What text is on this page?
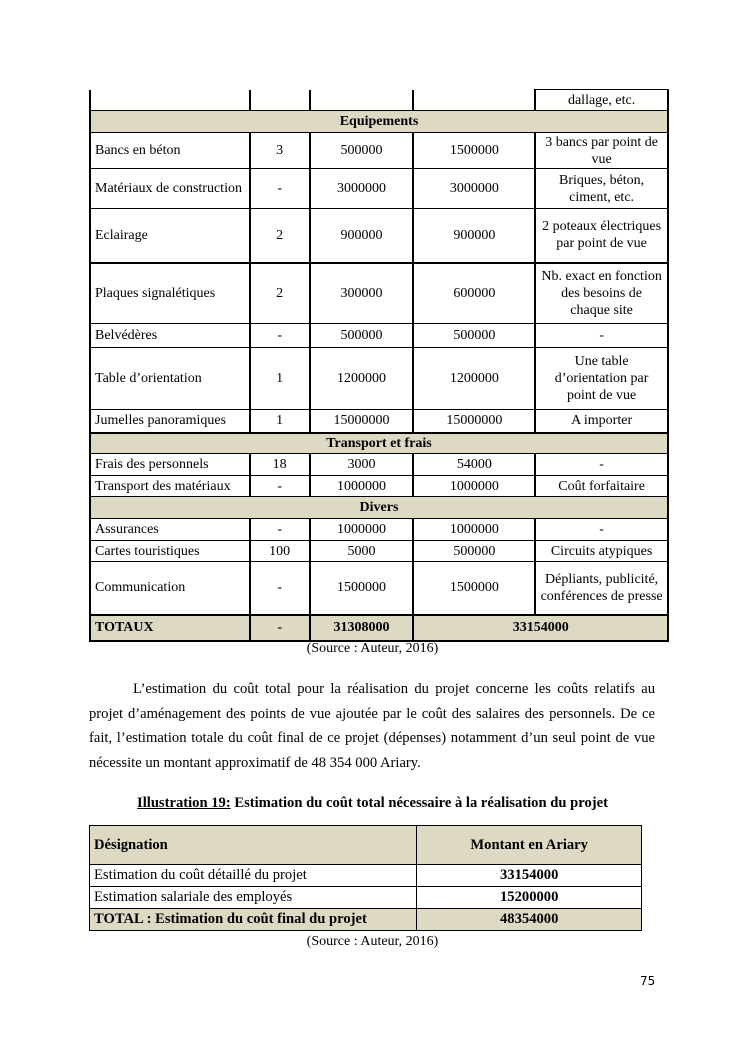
				dallage, etc.
Equipements				
Bancs en béton	3	500000	1500000	3 bancs par point de vue
Matériaux de construction	-	3000000	3000000	Briques, béton, ciment, etc.
Eclairage	2	900000	900000	2 poteaux électriques par point de vue
Plaques signalétiques	2	300000	600000	Nb. exact en fonction des besoins de chaque site
Belvédères	-	500000	500000	-
Table d’orientation	1	1200000	1200000	Une table d’orientation par point de vue
Jumelles panoramiques	1	15000000	15000000	A importer
Transport et frais				
Frais des personnels	18	3000	54000	-
Transport des matériaux	-	1000000	1000000	Coût forfaitaire
Divers				
Assurances	-	1000000	1000000	-
Cartes touristiques	100	5000	500000	Circuits atypiques
Communication	-	1500000	1500000	Dépliants, publicité, conférences de presse
TOTAUX	-	31308000	33154000	
(Source : Auteur, 2016)

L’estimation du coût total pour la réalisation du projet concerne les coûts relatifs au projet d’aménagement des points de vue ajoutée par le coût des salaires des personnels. De ce fait, l’estimation totale du coût final de ce projet (dépenses) notamment d’un seul point de vue nécessite un montant approximatif de 48 354 000 Ariary.

Illustration 19: Estimation du coût total nécessaire à la réalisation du projet
Désignation	Montant en Ariary
Estimation du coût détaillé du projet	33154000
Estimation salariale des employés	15200000
TOTAL : Estimation du coût final du projet	48354000
(Source : Auteur, 2016)
75
